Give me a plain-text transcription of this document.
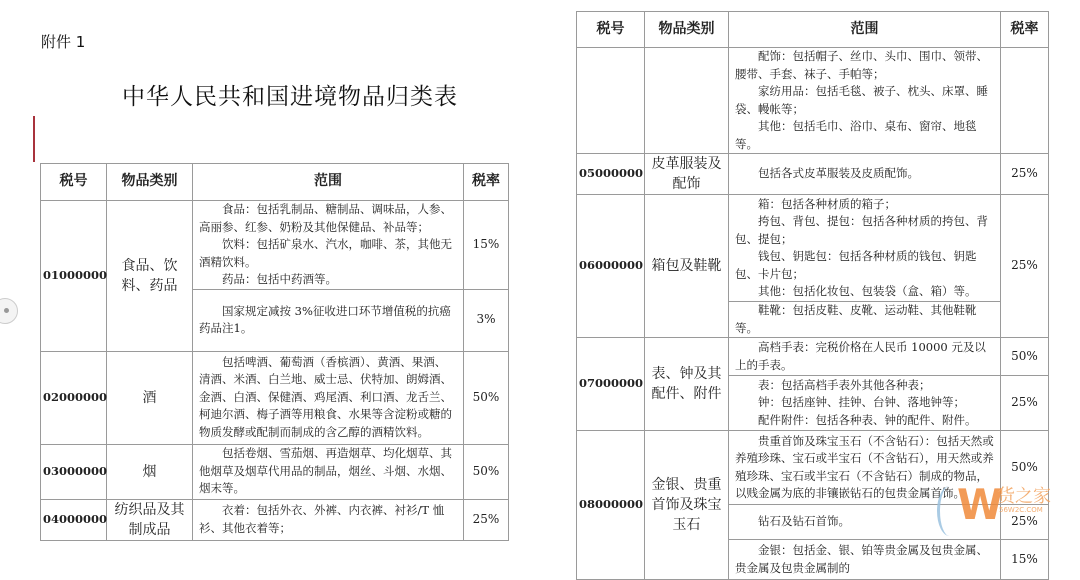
附件 1
中华人民共和国进境物品归类表
税号	物品类别	范围	税率
01000000	食品、饮料、药品	食品：包括乳制品、糖制品、调味品，人参、高丽参、红参、奶粉及其他保健品、补品等；

饮料：包括矿泉水、汽水，咖啡、茶，其他无酒精饮料。

药品：包括中药酒等。	15%

		国家规定减按 3%征收进口环节增值税的抗癌药品注1。	3%
02000000	酒	包括啤酒、葡萄酒（香槟酒）、黄酒、果酒、清酒、米酒、白兰地、威士忌、伏特加、朗姆酒、金酒、白酒、保健酒、鸡尾酒、利口酒、龙舌兰、柯迪尔酒、梅子酒等用粮食、水果等含淀粉或糖的物质发酵或配制而制成的含乙醇的酒精饮料。	50%
03000000	烟	包括卷烟、雪茄烟、再造烟草、均化烟草、其他烟草及烟草代用品的制品，烟丝、斗烟、水烟、烟末等。	50%
04000000	纺织品及其制成品	衣着：包括外衣、外裤、内衣裤、衬衫/T 恤衫、其他衣着等；	25%
税号	物品类别	范围	税率

		配饰：包括帽子、丝巾、头巾、围巾、领带、腰带、手套、袜子、手帕等；

家纺用品：包括毛毯、被子、枕头、床罩、睡袋、幔帐等；

其他：包括毛巾、浴巾、桌布、窗帘、地毯等。	

05000000	皮革服装及配饰	包括各式皮革服装及皮质配饰。	25%
06000000	箱包及鞋靴	箱：包括各种材质的箱子；

挎包、背包、提包：包括各种材质的挎包、背包、提包；

钱包、钥匙包：包括各种材质的钱包、钥匙包、卡片包；

其他：包括化妆包、包装袋（盒、箱）等。	25%

		鞋靴：包括皮鞋、皮靴、运动鞋、其他鞋靴等。	

07000000	表、钟及其配件、附件	高档手表：完税价格在人民币 10000 元及以上的手表。	50%

		表：包括高档手表外其他各种表；

钟：包括座钟、挂钟、台钟、落地钟等；

配件附件：包括各种表、钟的配件、附件。	25%
08000000	金银、贵重首饰及珠宝玉石	贵重首饰及珠宝玉石（不含钻石）：包括天然或养殖珍珠、宝石或半宝石（不含钻石），用天然或养殖珍珠、宝石或半宝石（不含钻石）制成的物品，以贱金属为底的非镶嵌钻石的包贵金属首饰。	50%

		钻石及钻石首饰。	25%

		金银：包括金、银、铂等贵金属及包贵金属、贵金属及包贵金属制的	15%
W
货之家
56W2C.COM
